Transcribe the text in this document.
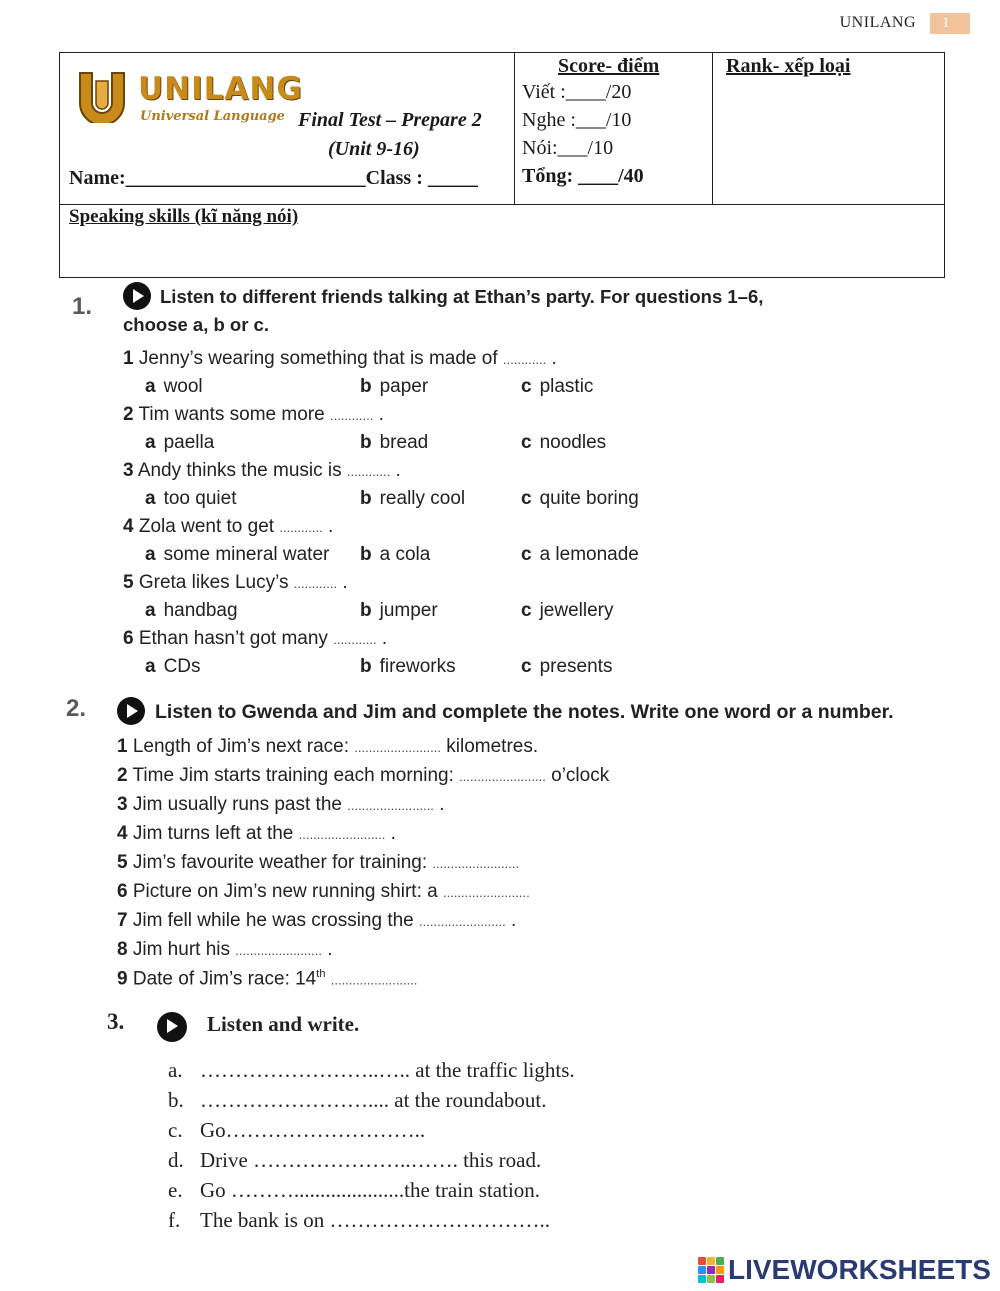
UNILANG	1
UNILANG
Universal Language Final Test – Prepare 2
(Unit 9-16)
Name:________________________Class : _____
Score- điểm
Viết :____/20
Nghe :___/10
Nói:___/10
Tổng: ____/40
Rank- xếp loại
Speaking skills (kĩ năng nói)
1.	Listen to different friends talking at Ethan’s party. For questions 1–6,
choose a, b or c.
1 Jenny’s wearing something that is made of ............ .
a wool	b paper	c plastic
2 Tim wants some more ............ .
a paella	b bread	c noodles
3 Andy thinks the music is ............ .
a too quiet	b really cool	c quite boring
4 Zola went to get ............ .
a some mineral water b a cola	c a lemonade
5 Greta likes Lucy’s ............ .
a handbag	b jumper	c jewellery
6 Ethan hasn’t got many ............ .
a CDs	b fireworks	c presents
2.	Listen to Gwenda and Jim and complete the notes. Write one word or a number.
1 Length of Jim’s next race: ........................ kilometres.
2 Time Jim starts training each morning: ........................ o’clock
3 Jim usually runs past the ........................ .
4 Jim turns left at the ........................ .
5 Jim’s favourite weather for training: ........................
6 Picture on Jim’s new running shirt: a ........................
7 Jim fell while he was crossing the ........................ .
8 Jim hurt his ........................ .
9 Date of Jim’s race: 14th ........................
3.	Listen and write.
a. ……………………..….. at the traffic lights.
b. …………………….... at the roundabout.
c. Go………………………..
d. Drive …………………..……. this road.
e. Go ……….....................the train station.
f. The bank is on …………………………..
LIVEWORKSHEETS
